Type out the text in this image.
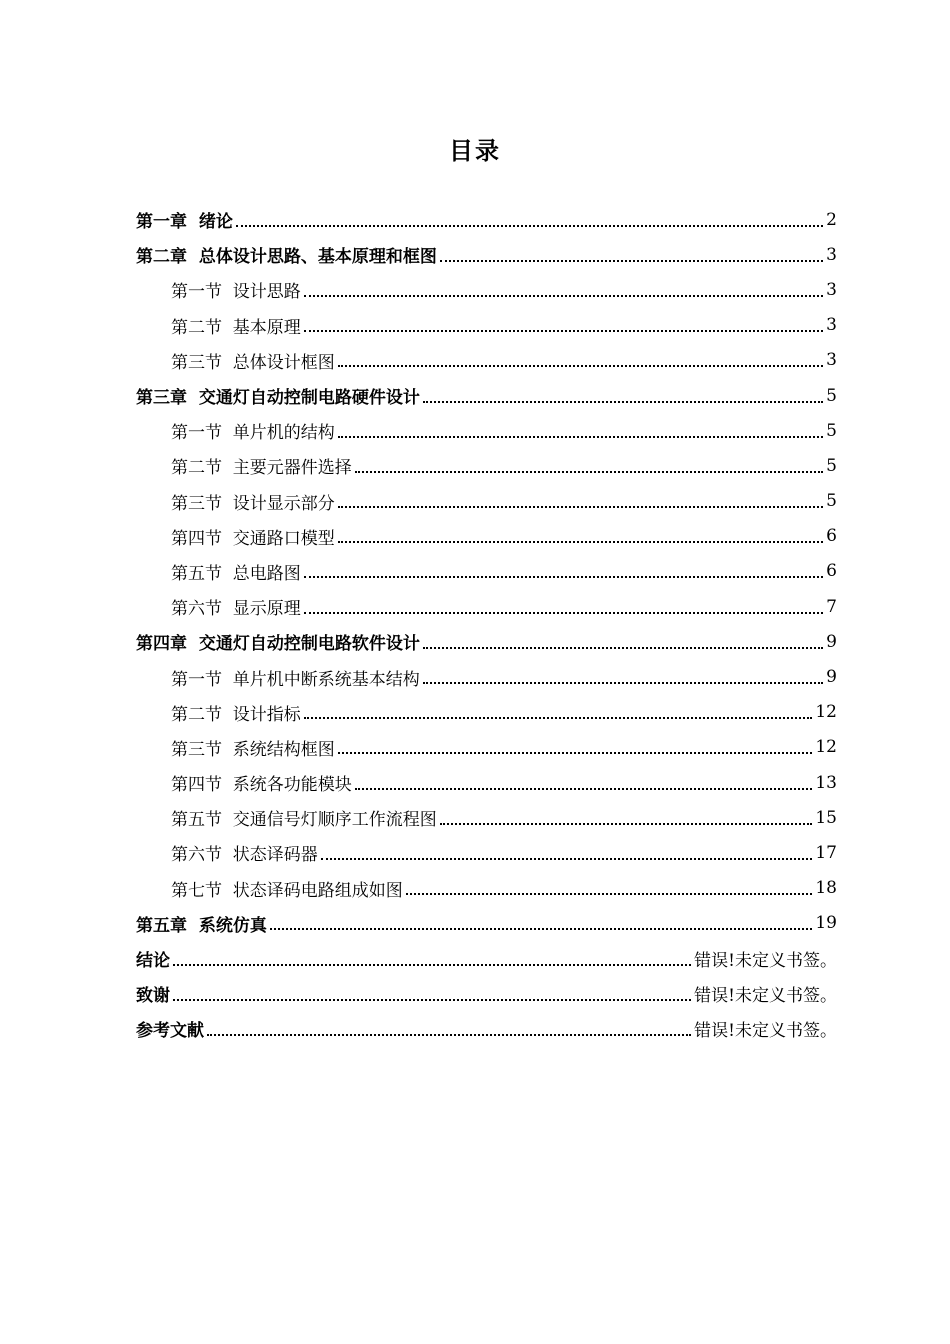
目录
第一章  绪论	2
第二章  总体设计思路、基本原理和框图	3
第一节  设计思路	3
第二节  基本原理	3
第三节  总体设计框图	3
第三章  交通灯自动控制电路硬件设计	5
第一节  单片机的结构	5
第二节  主要元器件选择	5
第三节  设计显示部分	5
第四节  交通路口模型	6
第五节  总电路图	6
第六节  显示原理	7
第四章  交通灯自动控制电路软件设计	9
第一节  单片机中断系统基本结构	9
第二节  设计指标	12
第三节  系统结构框图	12
第四节  系统各功能模块	13
第五节  交通信号灯顺序工作流程图	15
第六节  状态译码器	17
第七节  状态译码电路组成如图	18
第五章  系统仿真	19
结论	错误!未定义书签。
致谢	错误!未定义书签。
参考文献	错误!未定义书签。
